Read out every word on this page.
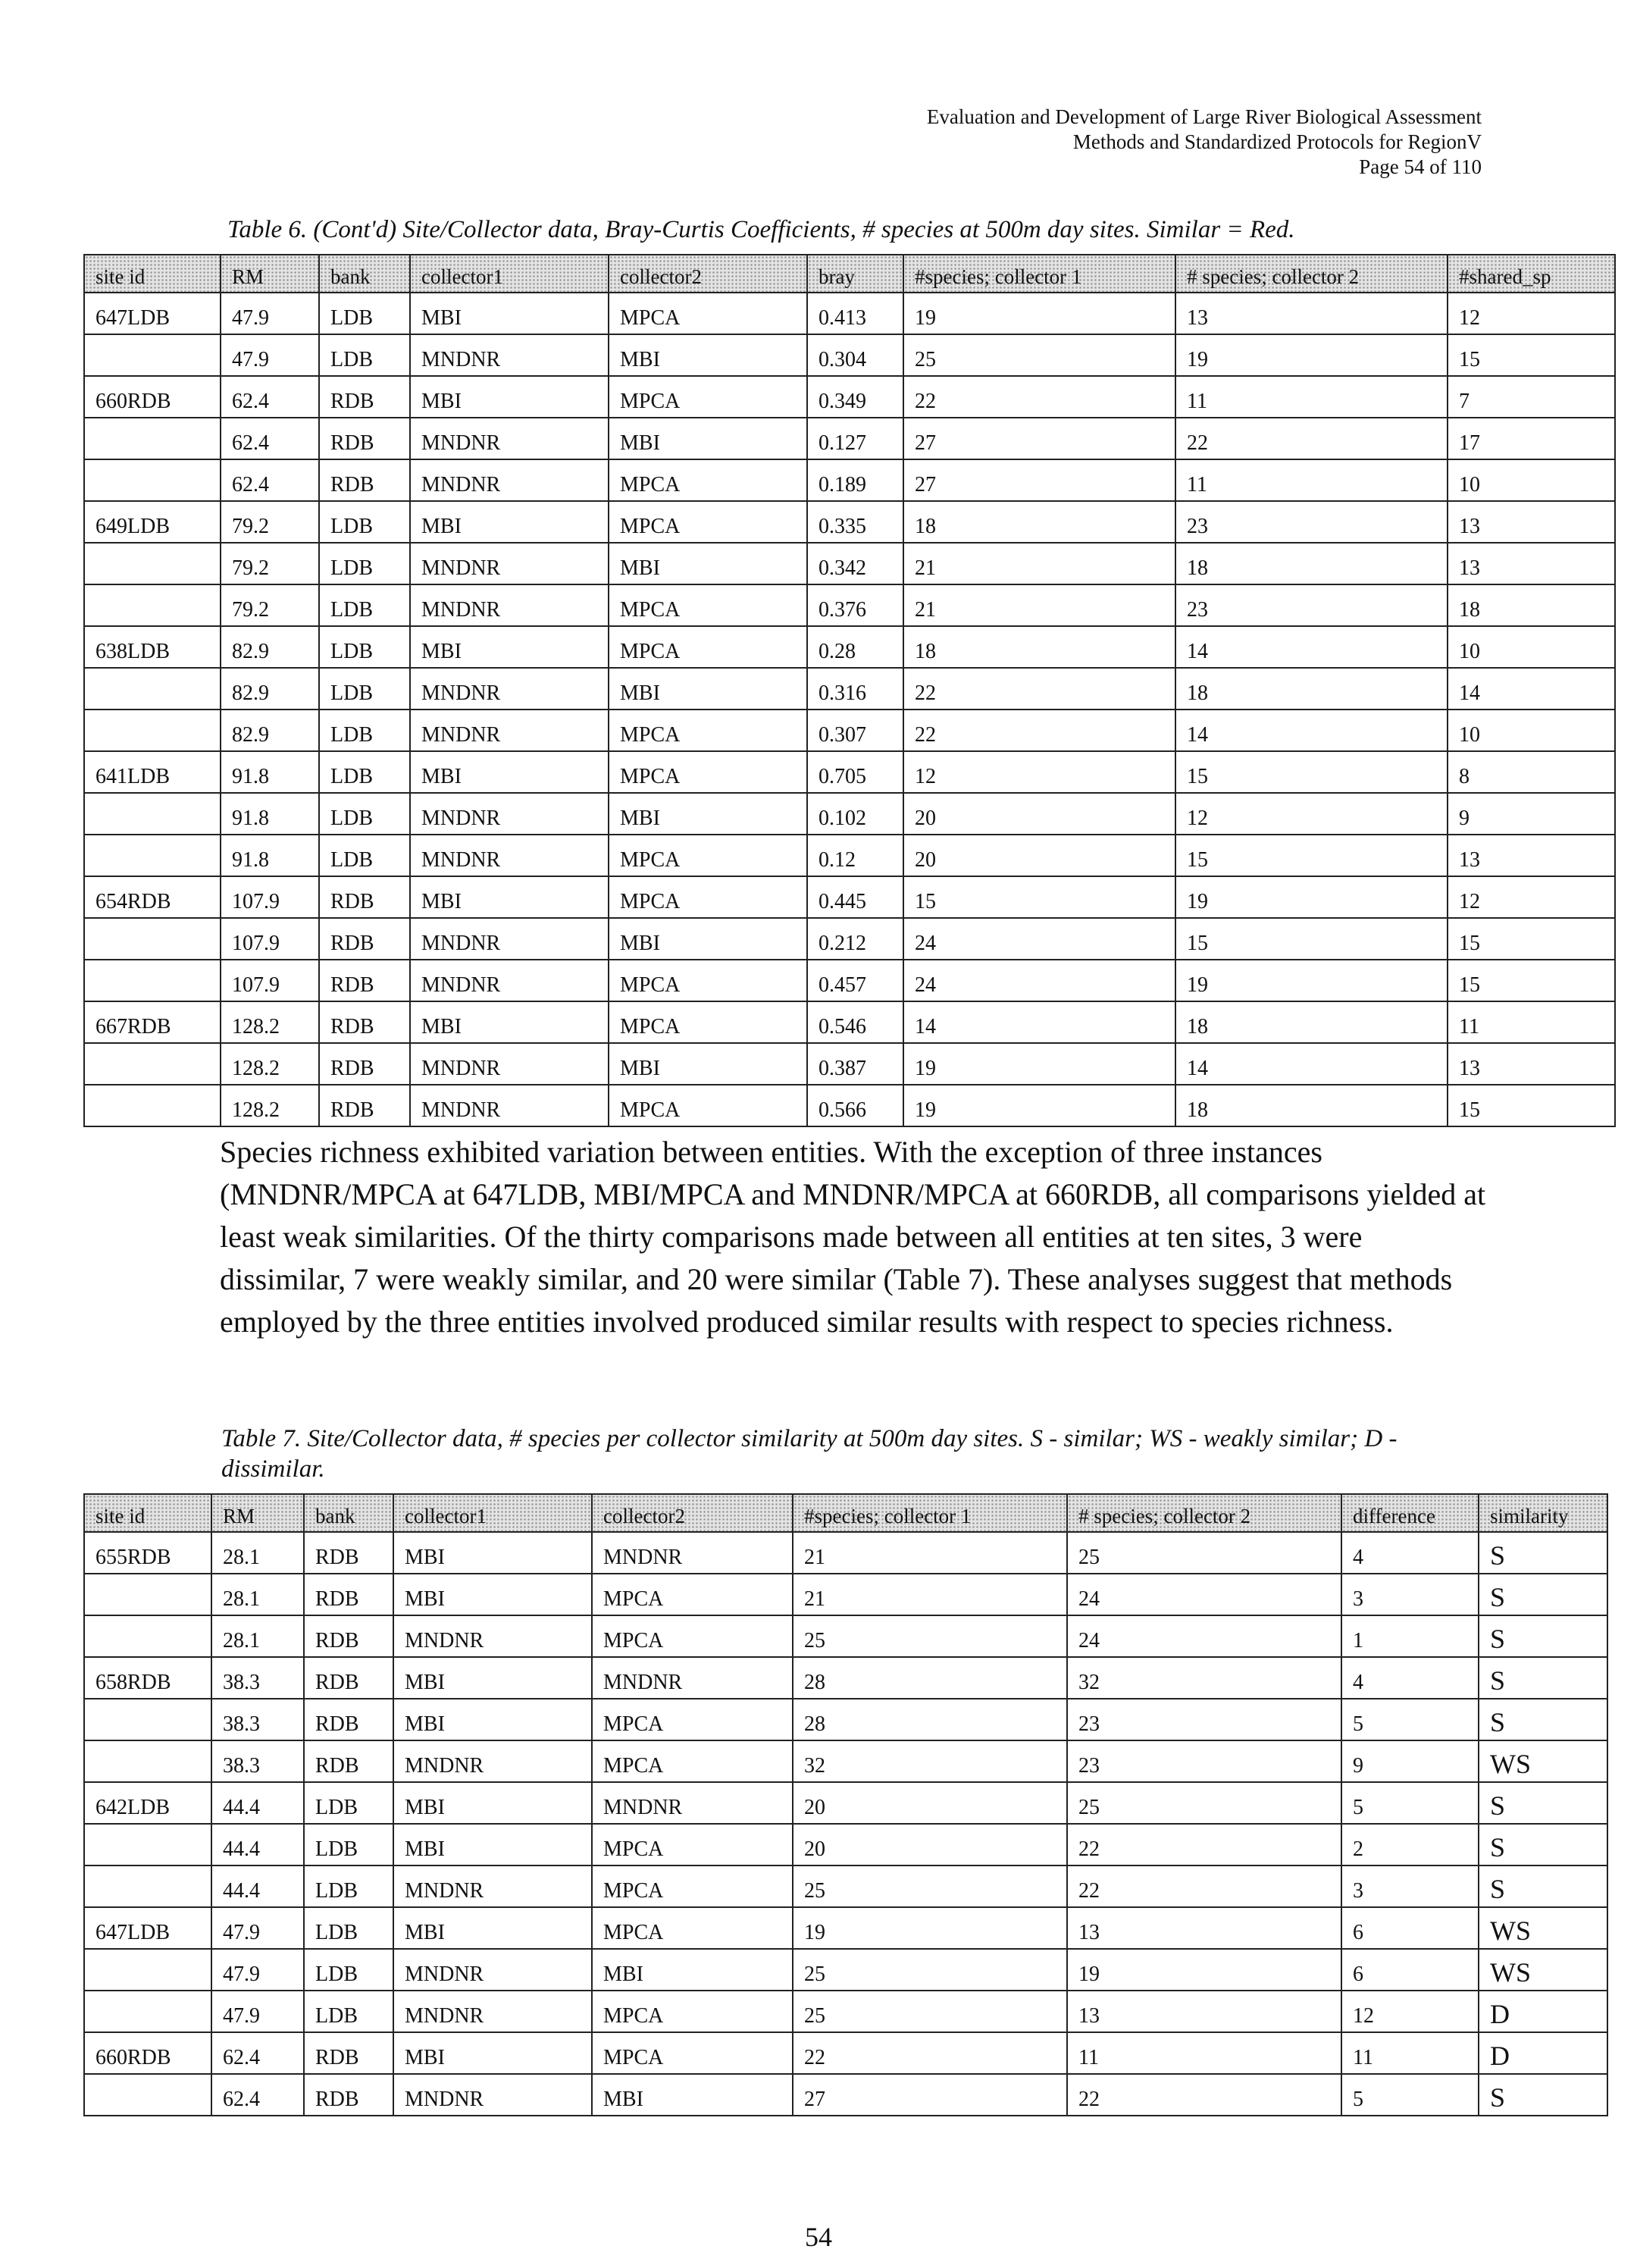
Evaluation and Development of Large River Biological Assessment
Methods and Standardized Protocols for RegionV
Page 54 of 110
Table 6. (Cont'd) Site/Collector data, Bray-Curtis Coefficients, # species at 500m day sites. Similar = Red.
site id	RM	bank	collector1	collector2	bray	#species; collector 1	# species; collector 2	#shared_sp
647LDB	47.9	LDB	MBI	MPCA	0.413	19	13	12
	47.9	LDB	MNDNR	MBI	0.304	25	19	15
660RDB	62.4	RDB	MBI	MPCA	0.349	22	11	7
	62.4	RDB	MNDNR	MBI	0.127	27	22	17
	62.4	RDB	MNDNR	MPCA	0.189	27	11	10
649LDB	79.2	LDB	MBI	MPCA	0.335	18	23	13
	79.2	LDB	MNDNR	MBI	0.342	21	18	13
	79.2	LDB	MNDNR	MPCA	0.376	21	23	18
638LDB	82.9	LDB	MBI	MPCA	0.28	18	14	10
	82.9	LDB	MNDNR	MBI	0.316	22	18	14
	82.9	LDB	MNDNR	MPCA	0.307	22	14	10
641LDB	91.8	LDB	MBI	MPCA	0.705	12	15	8
	91.8	LDB	MNDNR	MBI	0.102	20	12	9
	91.8	LDB	MNDNR	MPCA	0.12	20	15	13
654RDB	107.9	RDB	MBI	MPCA	0.445	15	19	12
	107.9	RDB	MNDNR	MBI	0.212	24	15	15
	107.9	RDB	MNDNR	MPCA	0.457	24	19	15
667RDB	128.2	RDB	MBI	MPCA	0.546	14	18	11
	128.2	RDB	MNDNR	MBI	0.387	19	14	13
	128.2	RDB	MNDNR	MPCA	0.566	19	18	15
Species richness exhibited variation between entities. With the exception of three instances (MNDNR/MPCA at 647LDB, MBI/MPCA and MNDNR/MPCA at 660RDB, all comparisons yielded at least weak similarities. Of the thirty comparisons made between all entities at ten sites, 3 were dissimilar, 7 were weakly similar, and 20 were similar (Table 7). These analyses suggest that methods employed by the three entities involved produced similar results with respect to species richness.
Table 7. Site/Collector data, # species per collector similarity at 500m day sites. S - similar; WS - weakly similar; D - dissimilar.
site id	RM	bank	collector1	collector2	#species; collector 1	# species; collector 2	difference	similarity
655RDB	28.1	RDB	MBI	MNDNR	21	25	4	S
	28.1	RDB	MBI	MPCA	21	24	3	S
	28.1	RDB	MNDNR	MPCA	25	24	1	S
658RDB	38.3	RDB	MBI	MNDNR	28	32	4	S
	38.3	RDB	MBI	MPCA	28	23	5	S
	38.3	RDB	MNDNR	MPCA	32	23	9	WS
642LDB	44.4	LDB	MBI	MNDNR	20	25	5	S
	44.4	LDB	MBI	MPCA	20	22	2	S
	44.4	LDB	MNDNR	MPCA	25	22	3	S
647LDB	47.9	LDB	MBI	MPCA	19	13	6	WS
	47.9	LDB	MNDNR	MBI	25	19	6	WS
	47.9	LDB	MNDNR	MPCA	25	13	12	D
660RDB	62.4	RDB	MBI	MPCA	22	11	11	D
	62.4	RDB	MNDNR	MBI	27	22	5	S
54
